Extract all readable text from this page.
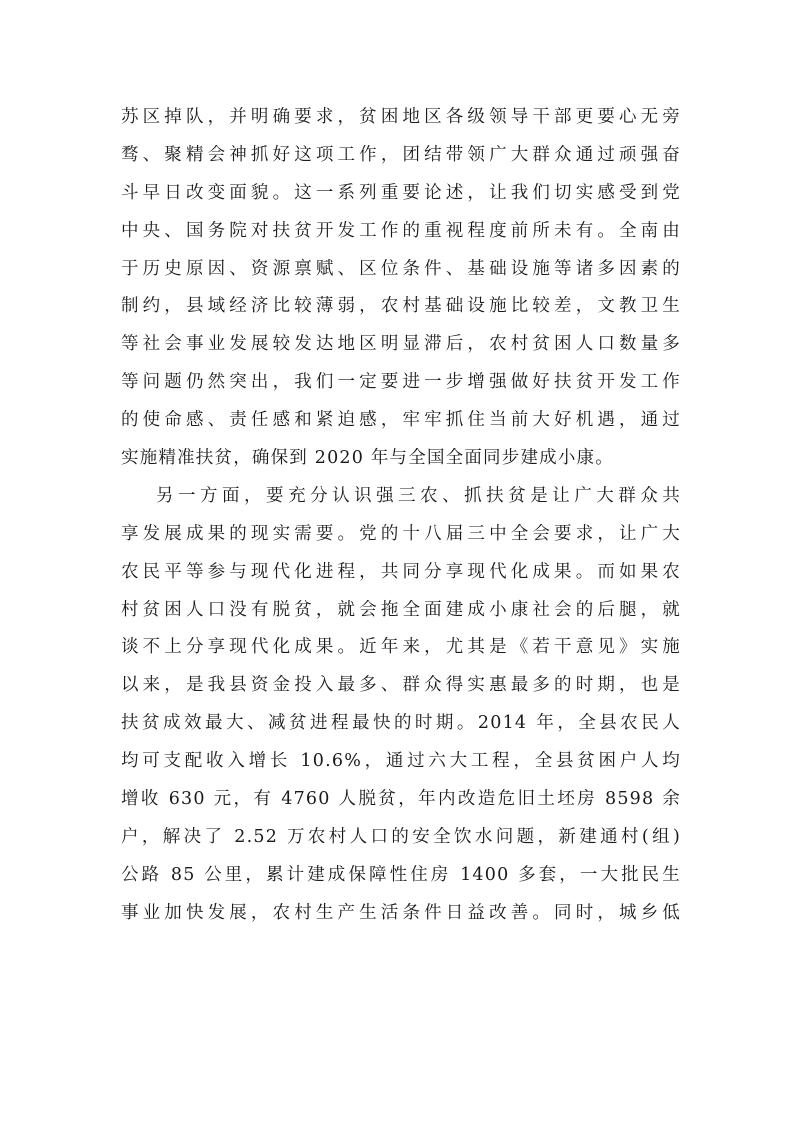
苏区掉队，并明确要求，贫困地区各级领导干部更要心无旁
骛、聚精会神抓好这项工作，团结带领广大群众通过顽强奋
斗早日改变面貌。这一系列重要论述，让我们切实感受到党
中央、国务院对扶贫开发工作的重视程度前所未有。全南由
于历史原因、资源禀赋、区位条件、基础设施等诸多因素的
制约，县域经济比较薄弱，农村基础设施比较差，文教卫生
等社会事业发展较发达地区明显滞后，农村贫困人口数量多
等问题仍然突出，我们一定要进一步增强做好扶贫开发工作
的使命感、责任感和紧迫感，牢牢抓住当前大好机遇，通过
实施精准扶贫，确保到 2020 年与全国全面同步建成小康。
另一方面，要充分认识强三农、抓扶贫是让广大群众共
享发展成果的现实需要。党的十八届三中全会要求，让广大
农民平等参与现代化进程，共同分享现代化成果。而如果农
村贫困人口没有脱贫，就会拖全面建成小康社会的后腿，就
谈不上分享现代化成果。近年来，尤其是《若干意见》实施
以来，是我县资金投入最多、群众得实惠最多的时期，也是
扶贫成效最大、减贫进程最快的时期。2014 年，全县农民人
均可支配收入增长 10.6%，通过六大工程，全县贫困户人均
增收 630 元，有 4760 人脱贫，年内改造危旧土坯房 8598 余
户，解决了 2.52 万农村人口的安全饮水问题，新建通村(组)
公路 85 公里，累计建成保障性住房 1400 多套，一大批民生
事业加快发展，农村生产生活条件日益改善。同时，城乡低
